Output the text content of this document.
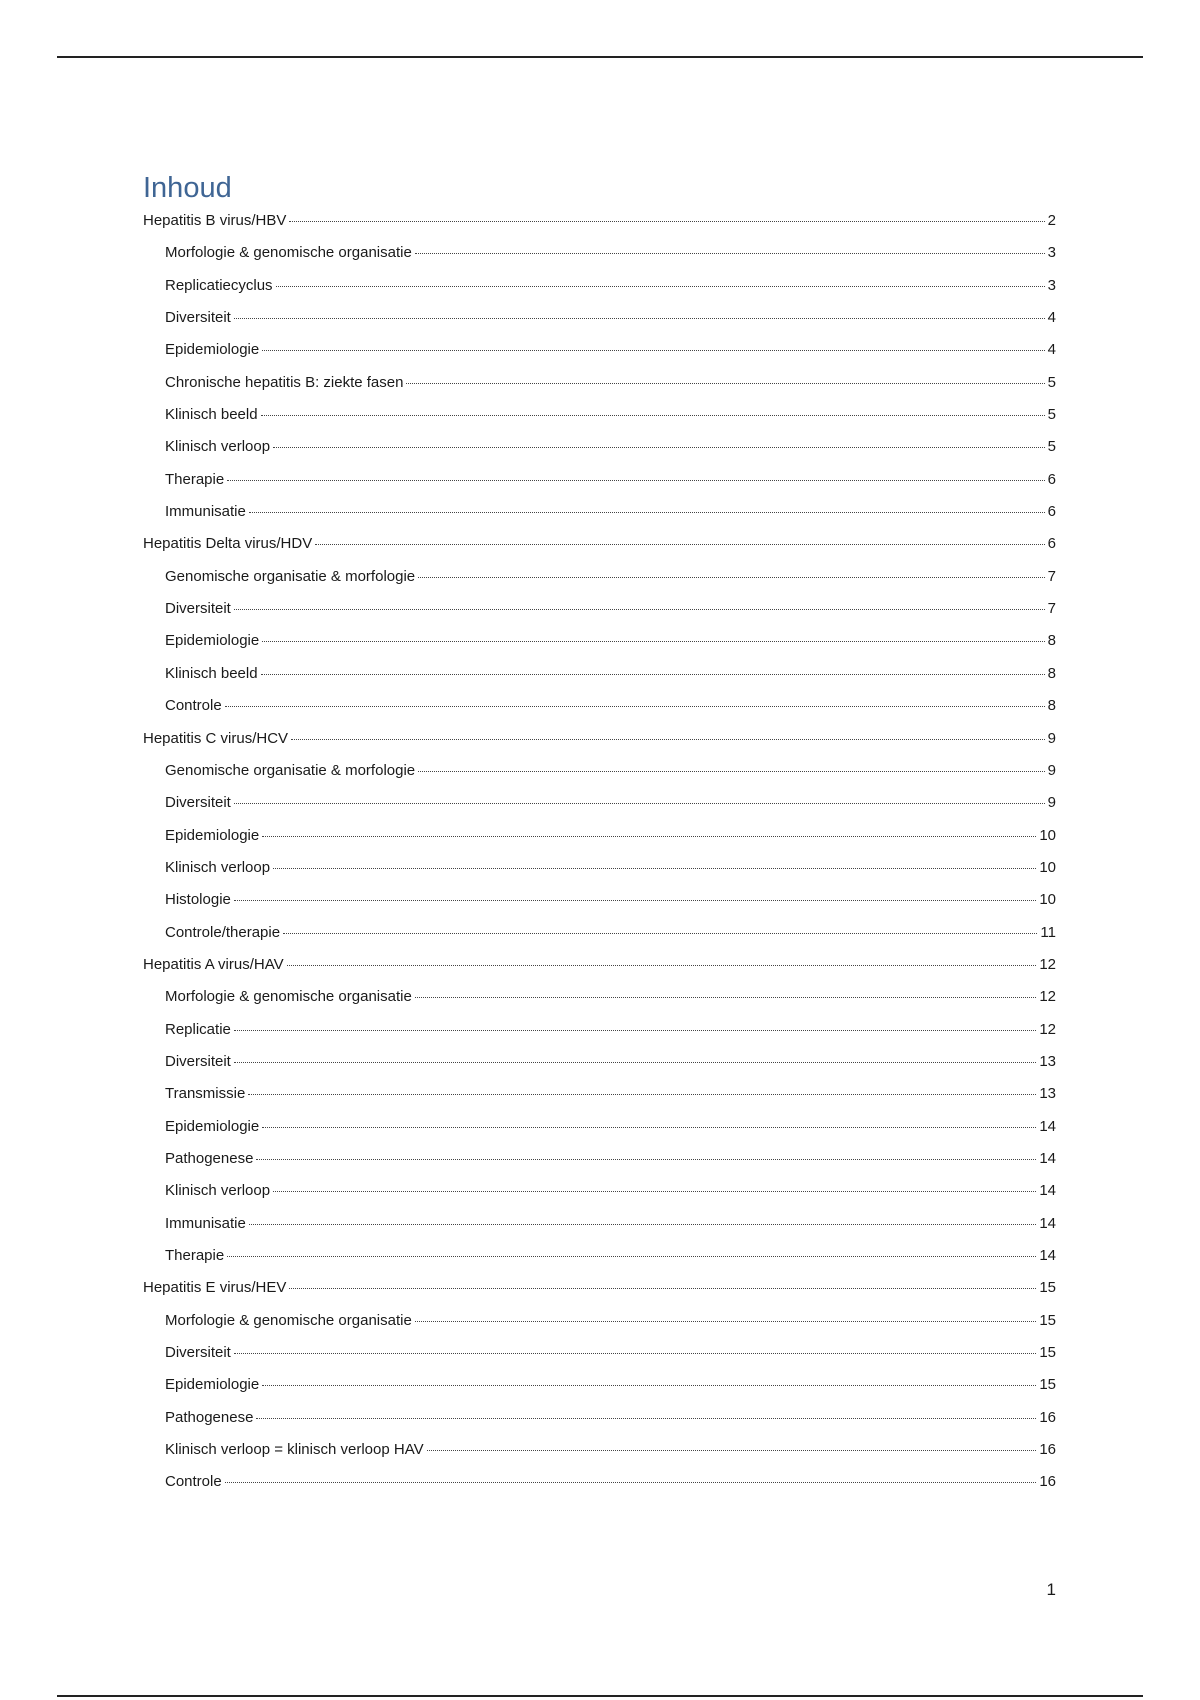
Inhoud
Hepatitis B virus/HBV	2
Morfologie & genomische organisatie	3
Replicatiecyclus	3
Diversiteit	4
Epidemiologie	4
Chronische hepatitis B: ziekte fasen	5
Klinisch beeld	5
Klinisch verloop	5
Therapie	6
Immunisatie	6
Hepatitis Delta virus/HDV	6
Genomische organisatie & morfologie	7
Diversiteit	7
Epidemiologie	8
Klinisch beeld	8
Controle	8
Hepatitis C virus/HCV	9
Genomische organisatie & morfologie	9
Diversiteit	9
Epidemiologie	10
Klinisch verloop	10
Histologie	10
Controle/therapie	11
Hepatitis A virus/HAV	12
Morfologie & genomische organisatie	12
Replicatie	12
Diversiteit	13
Transmissie	13
Epidemiologie	14
Pathogenese	14
Klinisch verloop	14
Immunisatie	14
Therapie	14
Hepatitis E virus/HEV	15
Morfologie & genomische organisatie	15
Diversiteit	15
Epidemiologie	15
Pathogenese	16
Klinisch verloop = klinisch verloop HAV	16
Controle	16
1
